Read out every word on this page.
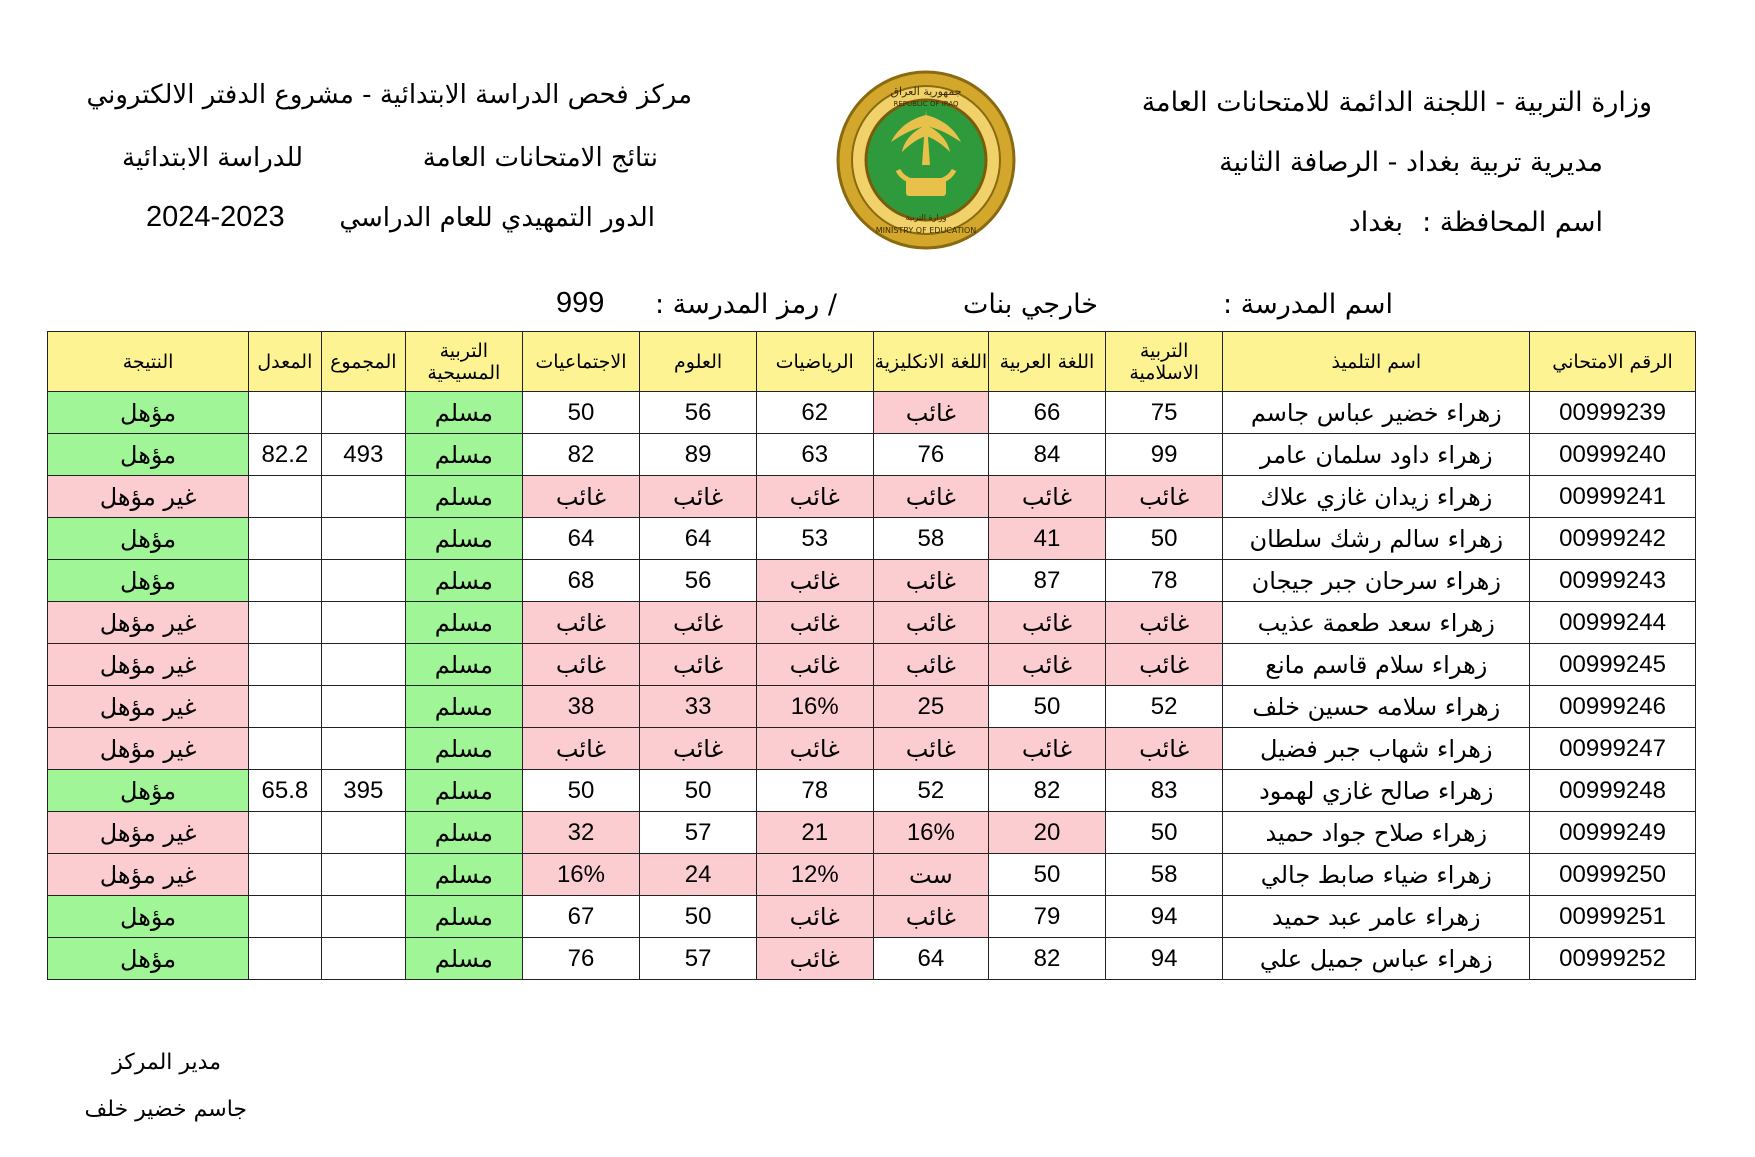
وزارة التربية - اللجنة الدائمة للامتحانات العامة
مديرية تربية بغداد - الرصافة الثانية
اسم المحافظة :
بغداد
مركز فحص الدراسة الابتدائية - مشروع الدفتر الالكتروني
نتائج الامتحانات العامة
للدراسة الابتدائية
الدور التمهيدي للعام الدراسي
2024-2023
جمهورية العراق
REPUBLIC OF IRAQ
MINISTRY OF EDUCATION
وزارة التربية
اسم المدرسة :
خارجي بنات
/ رمز المدرسة :
999
الرقم الامتحاني	اسم التلميذ	التربية الاسلامية	اللغة العربية	اللغة الانكليزية	الرياضيات	العلوم	الاجتماعيات	التربية المسيحية	المجموع	المعدل	النتيجة
00999239	زهراء خضير عباس جاسم	75	66	غائب	62	56	50	مسلم			مؤهل
00999240	زهراء داود سلمان عامر	99	84	76	63	89	82	مسلم	493	82.2	مؤهل
00999241	زهراء زيدان غازي علاك	غائب	غائب	غائب	غائب	غائب	غائب	مسلم			غير مؤهل
00999242	زهراء سالم رشك سلطان	50	41	58	53	64	64	مسلم			مؤهل
00999243	زهراء سرحان جبر جيجان	78	87	غائب	غائب	56	68	مسلم			مؤهل
00999244	زهراء سعد طعمة عذيب	غائب	غائب	غائب	غائب	غائب	غائب	مسلم			غير مؤهل
00999245	زهراء سلام قاسم مانع	غائب	غائب	غائب	غائب	غائب	غائب	مسلم			غير مؤهل
00999246	زهراء سلامه حسين خلف	52	50	25	16%	33	38	مسلم			غير مؤهل
00999247	زهراء شهاب جبر فضيل	غائب	غائب	غائب	غائب	غائب	غائب	مسلم			غير مؤهل
00999248	زهراء صالح غازي لهمود	83	82	52	78	50	50	مسلم	395	65.8	مؤهل
00999249	زهراء صلاح جواد حميد	50	20	16%	21	57	32	مسلم			غير مؤهل
00999250	زهراء ضياء صابط جالي	58	50	ست	12%	24	16%	مسلم			غير مؤهل
00999251	زهراء عامر عبد حميد	94	79	غائب	غائب	50	67	مسلم			مؤهل
00999252	زهراء عباس جميل علي	94	82	64	غائب	57	76	مسلم			مؤهل
مدير المركز
جاسم خضير خلف
